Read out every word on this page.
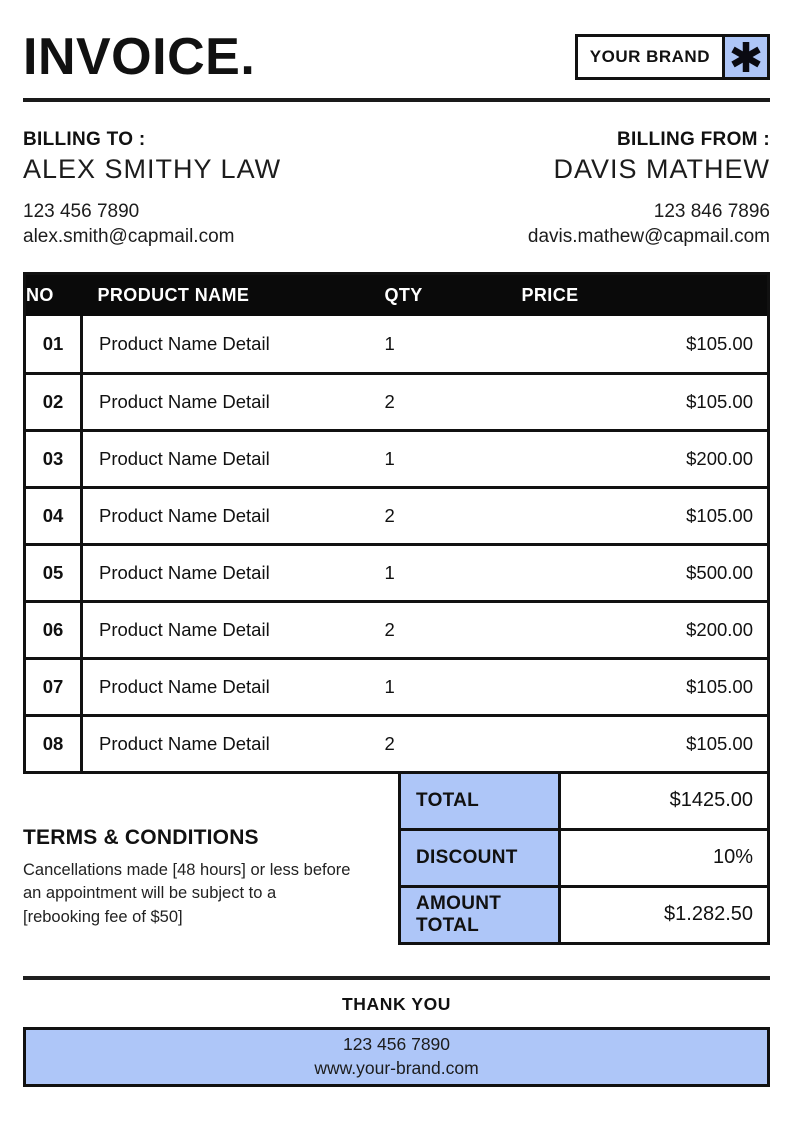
INVOICE.	YOUR BRAND
BILLING TO :
ALEX SMITHY LAW
123 456 7890
alex.smith@capmail.com
BILLING FROM :
DAVIS MATHEW
123 846 7896
davis.mathew@capmail.com
NO	PRODUCT NAME	QTY	PRICE
01	Product Name Detail	1	$105.00
02	Product Name Detail	2	$105.00
03	Product Name Detail	1	$200.00
04	Product Name Detail	2	$105.00
05	Product Name Detail	1	$500.00
06	Product Name Detail	2	$200.00
07	Product Name Detail	1	$105.00
08	Product Name Detail	2	$105.00
TERMS & CONDITIONS
Cancellations made [48 hours] or less before an appointment will be subject to a [rebooking fee of $50]
TOTAL	$1425.00
DISCOUNT	10%
AMOUNT TOTAL	$1.282.50
THANK YOU
123 456 7890
www.your-brand.com
